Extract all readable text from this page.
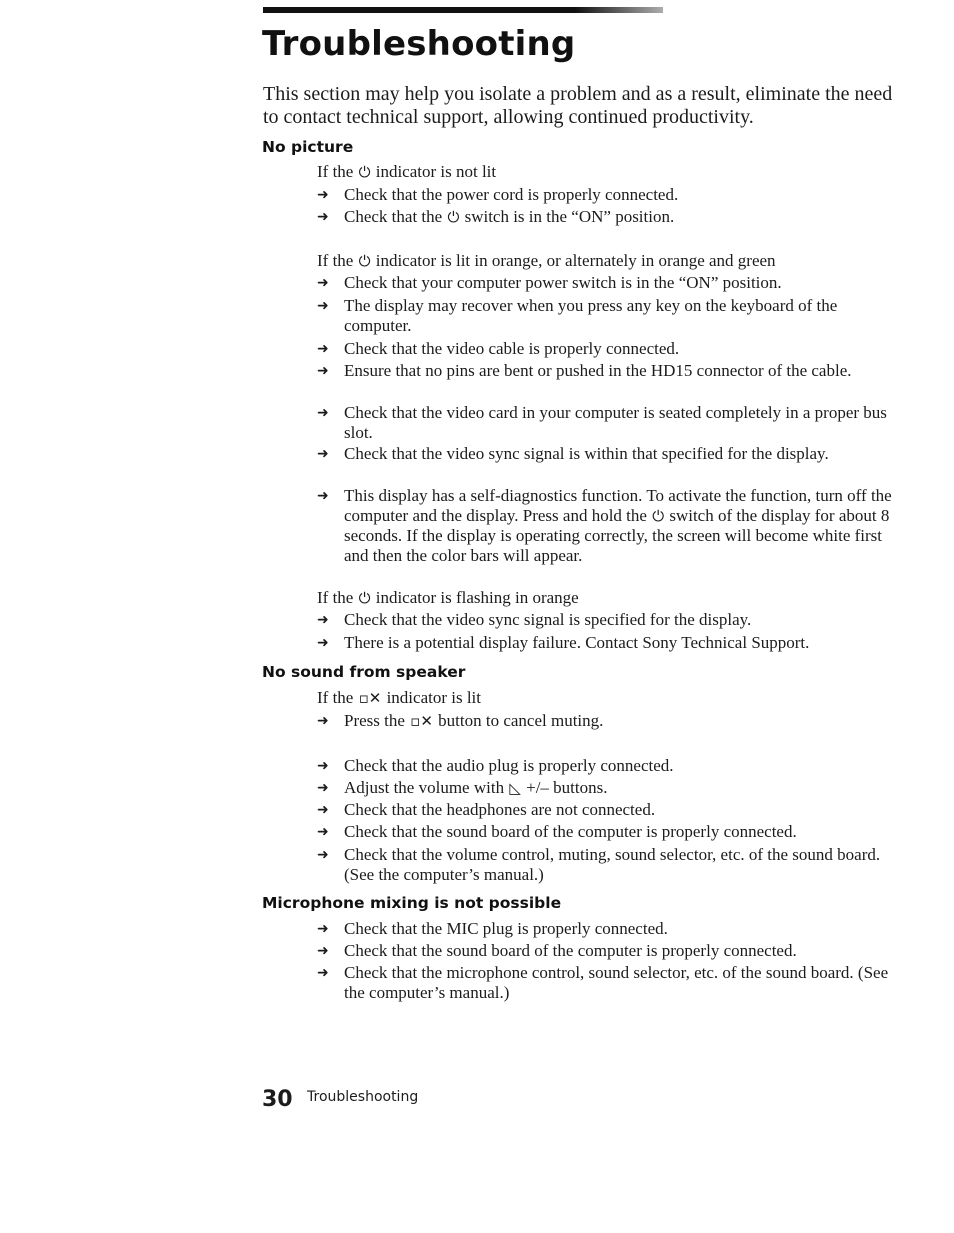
Troubleshooting

This section may help you isolate a problem and as a result, eliminate the need to contact technical support, allowing continued productivity.

No picture

If the ⏻ indicator is not lit

➜ Check that the power cord is properly connected.
➜ Check that the ⏻ switch is in the “ON” position.

If the ⏻ indicator is lit in orange, or alternately in orange and green

➜ Check that your computer power switch is in the “ON” position.
➜ The display may recover when you press any key on the keyboard of the computer.
➜ Check that the video cable is properly connected.
➜ Ensure that no pins are bent or pushed in the HD15 connector of the cable.
➜ Check that the video card in your computer is seated completely in a proper bus slot.
➜ Check that the video sync signal is within that specified for the display.
➜ This display has a self-diagnostics function. To activate the function, turn off the computer and the display. Press and hold the ⏻ switch of the display for about 8 seconds. If the display is operating correctly, the screen will become white first and then the color bars will appear.

If the ⏻ indicator is flashing in orange

➜ Check that the video sync signal is specified for the display.
➜ There is a potential display failure. Contact Sony Technical Support.
No sound from speaker

If the ▫✕ indicator is lit

➜ Press the ▫✕ button to cancel muting.
➜ Check that the audio plug is properly connected.
➜ Adjust the volume with ◺ +/– buttons.
➜ Check that the headphones are not connected.
➜ Check that the sound board of the computer is properly connected.
➜ Check that the volume control, muting, sound selector, etc. of the sound board. (See the computer’s manual.)
Microphone mixing is not possible
➜ Check that the MIC plug is properly connected.
➜ Check that the sound board of the computer is properly connected.
➜ Check that the microphone control, sound selector, etc. of the sound board. (See the computer’s manual.)

30 Troubleshooting
